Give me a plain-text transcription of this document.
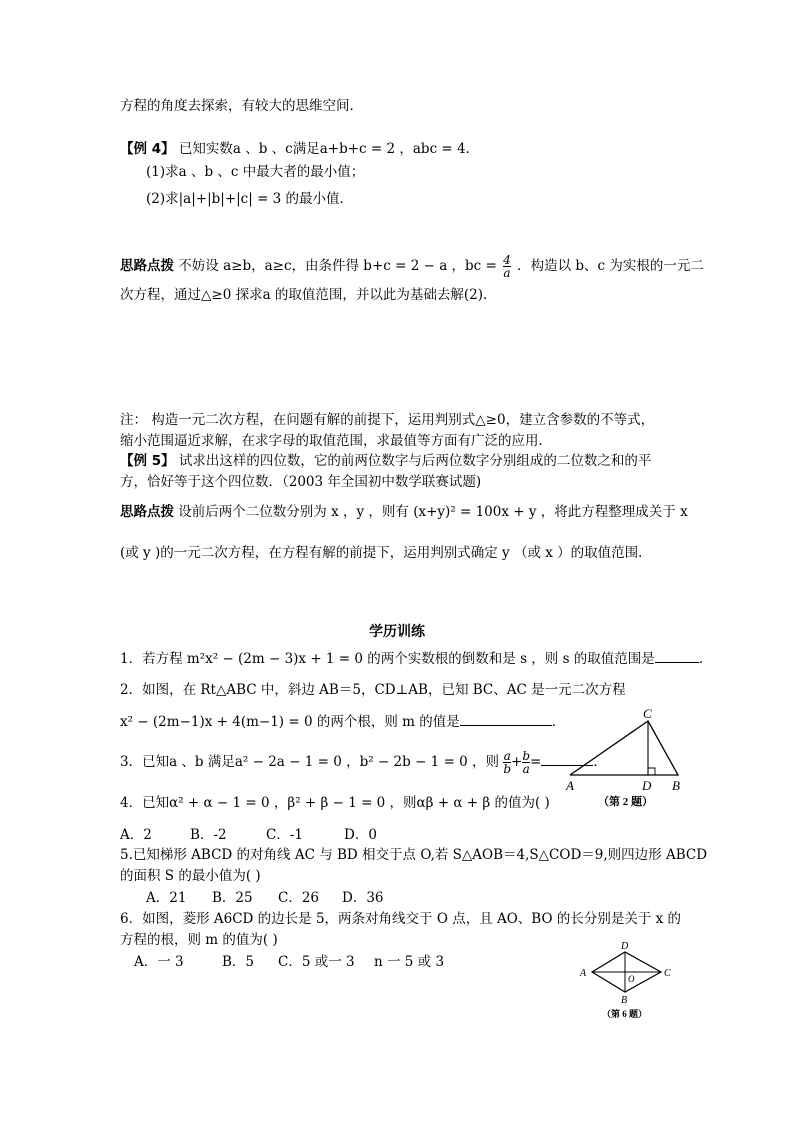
方程的角度去探索，有较大的思维空间．
【例 4】 已知实数a 、b 、c满足a+b+c = 2 ，abc = 4．
(1)求a 、b 、c 中最大者的最小值；
(2)求|a|+|b|+|c| = 3 的最小值．
思路点拨 不妨设 a≥b，a≥c，由条件得 b+c = 2 − a ，bc = $\frac{4}{a}$ ．构造以 b、c 为实根的一元二
次方程，通过△≥0 探求a 的取值范围，并以此为基础去解(2).
注： 构造一元二次方程，在问题有解的前提下，运用判别式△≥0，建立含参数的不等式，
缩小范围逼近求解，在求字母的取值范围，求最值等方面有广泛的应用．
【例 5】 试求出这样的四位数，它的前两位数字与后两位数字分别组成的二位数之和的平
方，恰好等于这个四位数．（2003 年全国初中数学联赛试题)
思路点拨 设前后两个二位数分别为 x ，y ，则有 (x+y)² = 100x + y ，将此方程整理成关于 x
(或 y )的一元二次方程，在方程有解的前提下，运用判别式确定 y （或 x ）的取值范围．
学历训练
1．若方程 m²x² − (2m − 3)x + 1 = 0 的两个实数根的倒数和是 s ，则 s 的取值范围是	．
2．如图，在 Rt△ABC 中，斜边 AB＝5，CD⊥AB，已知 BC、AC 是一元二次方程
x² − (2m−1)x + 4(m−1) = 0 的两个根，则 m 的值是	．
3．已知a 、b 满足a² − 2a − 1 = 0 ，b² − 2b − 1 = 0 ，则 $\frac{a}{b} + \frac{b}{a}$ =	．
4．已知α² + α − 1 = 0 ，β² + β − 1 = 0 ，则αβ + α + β 的值为( )
A．2	B．-2	C．-1	D．0
5.已知梯形 ABCD 的对角线 AC 与 BD 相交于点 O,若 S△AOB＝4,S△COD＝9,则四边形 ABCD
的面积 S 的最小值为( )
A．21 B．25 C．26 D．36
6．如图，菱形 A6CD 的边长是 5，两条对角线交于 O 点，且 AO、BO 的长分别是关于 x 的
方程的根，则 m 的值为( )
A．一 3	B．5 C．5 或一 3 n 一 5 或 3
C
A	D B
（第 2 题）
D
A	C
O
B
（第 6 题）
